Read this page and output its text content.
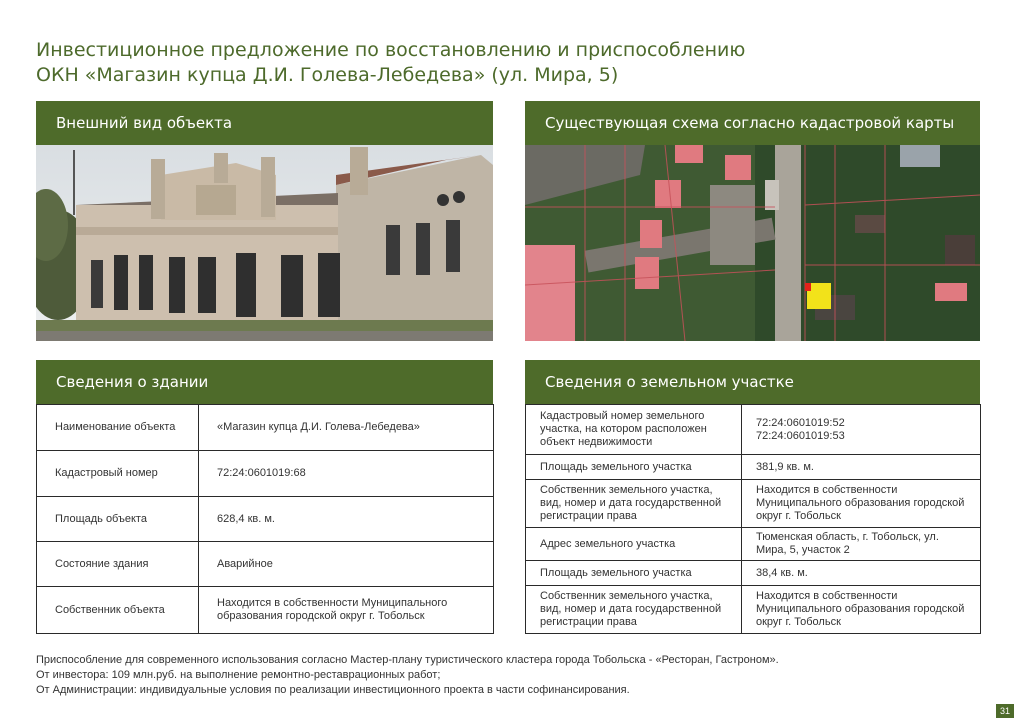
Инвестиционное предложение по восстановлению и приспособлению
ОКН «Магазин купца Д.И. Голева-Лебедева» (ул. Мира, 5)
Внешний вид объекта	Существующая схема согласно кадастровой карты
Сведения о здании	Сведения о земельном участке
Наименование объекта	«Магазин купца Д.И. Голева-Лебедева»
Кадастровый номер	72:24:0601019:68
Площадь объекта	628,4 кв. м.
Состояние здания	Аварийное
Собственник объекта	Находится в собственности Муниципального образования городской округ г. Тобольск
Кадастровый номер земельного участка, на котором расположен объект недвижимости	72:24:0601019:52
72:24:0601019:53
Площадь земельного участка	381,9 кв. м.
Собственник земельного участка, вид, номер и дата государственной регистрации права	Находится в собственности Муниципального образования городской округ г. Тобольск
Адрес земельного участка	Тюменская область, г. Тобольск, ул. Мира, 5, участок 2
Площадь земельного участка	38,4 кв. м.
Собственник земельного участка, вид, номер и дата государственной регистрации права	Находится в собственности Муниципального образования городской округ г. Тобольск
Приспособление для современного использования согласно Мастер-плану туристического кластера города Тобольска - «Ресторан, Гастроном».
От инвестора: 109 млн.руб. на выполнение ремонтно-реставрационных работ;
От Администрации: индивидуальные условия по реализации инвестиционного проекта в части софинансирования.
31
